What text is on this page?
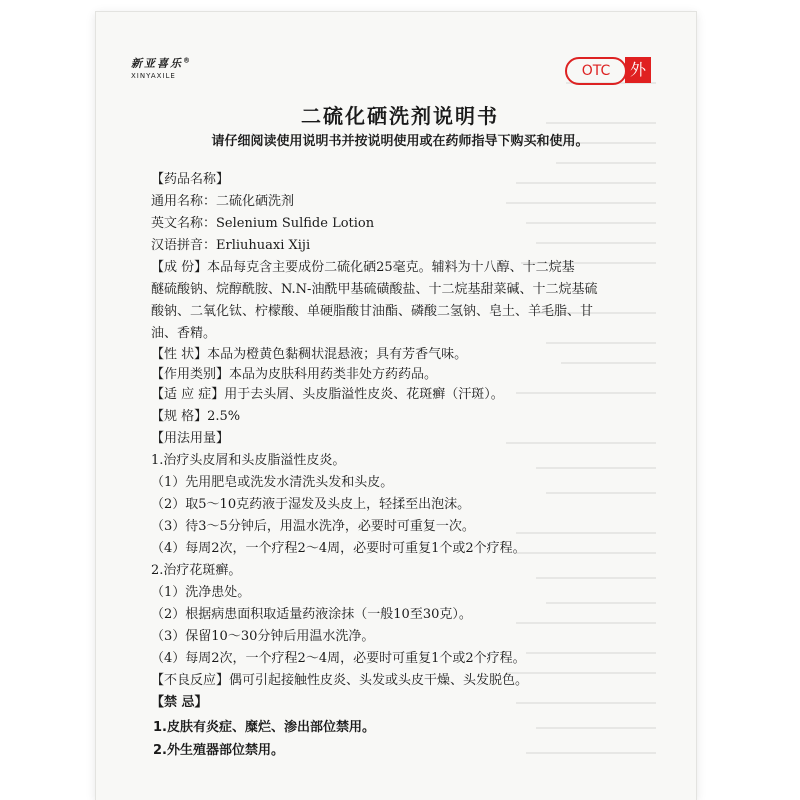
新亚喜乐®
XINYAXILE	OTC	外
二硫化硒洗剂说明书
请仔细阅读使用说明书并按说明使用或在药师指导下购买和使用。
【药品名称】
通用名称：二硫化硒洗剂
英文名称：Selenium Sulfide Lotion
汉语拼音：Erliuhuaxi Xiji
【成 份】本品每克含主要成份二硫化硒25毫克。辅料为十八醇、十二烷基
醚硫酸钠、烷醇酰胺、N.N-油酰甲基硫磺酸盐、十二烷基甜菜碱、十二烷基硫
酸钠、二氧化钛、柠檬酸、单硬脂酸甘油酯、磷酸二氢钠、皂土、羊毛脂、甘
油、香精。
【性 状】本品为橙黄色黏稠状混悬液；具有芳香气味。
【作用类别】本品为皮肤科用药类非处方药药品。
【适 应 症】用于去头屑、头皮脂溢性皮炎、花斑癣（汗斑）。
【规 格】2.5%
【用法用量】
1.治疗头皮屑和头皮脂溢性皮炎。
（1）先用肥皂或洗发水清洗头发和头皮。
（2）取5～10克药液于湿发及头皮上，轻揉至出泡沫。
（3）待3～5分钟后，用温水洗净，必要时可重复一次。
（4）每周2次，一个疗程2～4周，必要时可重复1个或2个疗程。
2.治疗花斑癣。
（1）洗净患处。
（2）根据病患面积取适量药液涂抹（一般10至30克）。
（3）保留10～30分钟后用温水洗净。
（4）每周2次，一个疗程2～4周，必要时可重复1个或2个疗程。
【不良反应】偶可引起接触性皮炎、头发或头皮干燥、头发脱色。
【禁 忌】
1.皮肤有炎症、糜烂、渗出部位禁用。
2.外生殖器部位禁用。
